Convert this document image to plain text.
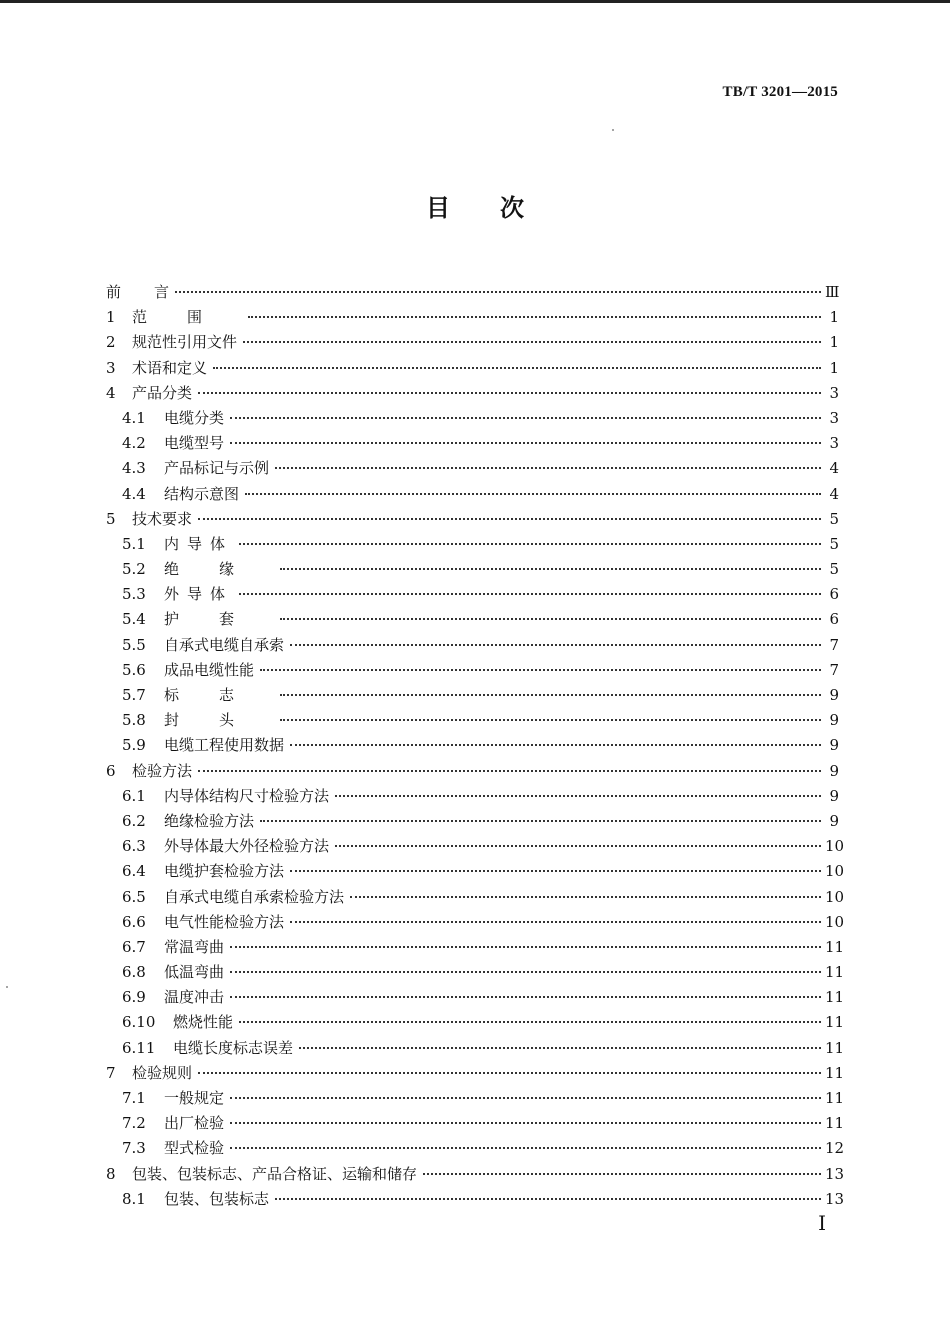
TB/T 3201—2015
目次
前	言	Ⅲ
1	范围	1
2	规范性引用文件	1
3	术语和定义	1
4	产品分类	3
4.1	电缆分类	3
4.2	电缆型号	3
4.3	产品标记与示例	4
4.4	结构示意图	4
5	技术要求	5
5.1	内导体	5
5.2	绝缘	5
5.3	外导体	6
5.4	护套	6
5.5	自承式电缆自承索	7
5.6	成品电缆性能	7
5.7	标志	9
5.8	封头	9
5.9	电缆工程使用数据	9
6	检验方法	9
6.1	内导体结构尺寸检验方法	9
6.2	绝缘检验方法	9
6.3	外导体最大外径检验方法	10
6.4	电缆护套检验方法	10
6.5	自承式电缆自承索检验方法	10
6.6	电气性能检验方法	10
6.7	常温弯曲	11
6.8	低温弯曲	11
6.9	温度冲击	11
6.10	燃烧性能	11
6.11	电缆长度标志误差	11
7	检验规则	11
7.1	一般规定	11
7.2	出厂检验	11
7.3	型式检验	12
8	包装、包装标志、产品合格证、运输和储存	13
8.1	包装、包装标志	13
Ⅰ
